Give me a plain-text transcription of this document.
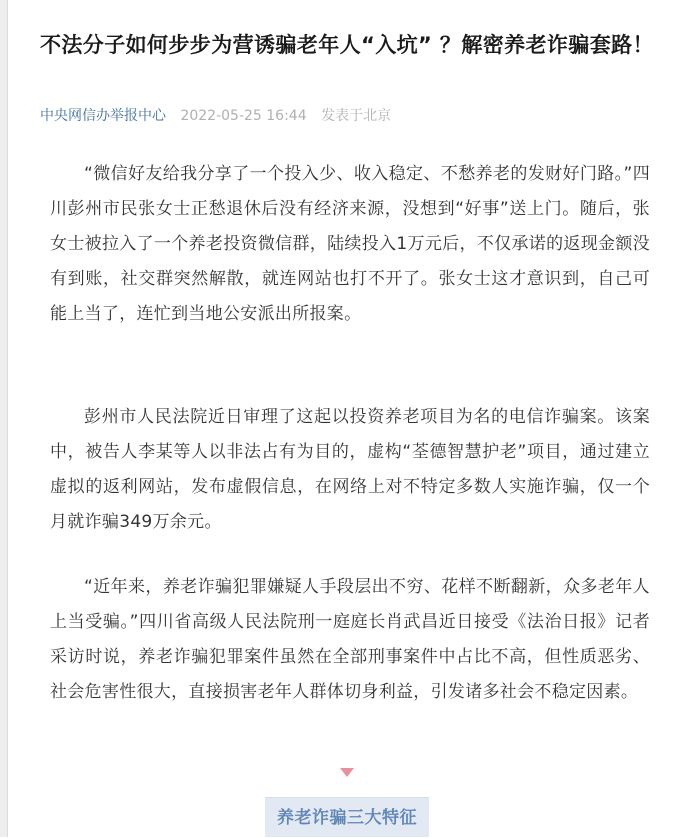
不法分子如何步步为营诱骗老年人“入坑” ？解密养老诈骗套路！
中央网信办举报中心 2022-05-25 16:44 发表于北京

“微信好友给我分享了一个投入少、收入稳定、不愁养老的发财好门路。”四川彭州市民张女士正愁退休后没有经济来源，没想到“好事”送上门。随后，张女士被拉入了一个养老投资微信群，陆续投入1万元后，不仅承诺的返现金额没有到账，社交群突然解散，就连网站也打不开了。张女士这才意识到，自己可能上当了，连忙到当地公安派出所报案。

彭州市人民法院近日审理了这起以投资养老项目为名的电信诈骗案。该案中，被告人李某等人以非法占有为目的，虚构“荃德智慧护老”项目，通过建立虚拟的返利网站，发布虚假信息，在网络上对不特定多数人实施诈骗，仅一个月就诈骗349万余元。

“近年来，养老诈骗犯罪嫌疑人手段层出不穷、花样不断翻新，众多老年人上当受骗。”四川省高级人民法院刑一庭庭长肖武昌近日接受《法治日报》记者采访时说，养老诈骗犯罪案件虽然在全部刑事案件中占比不高，但性质恶劣、社会危害性很大，直接损害老年人群体切身利益，引发诸多社会不稳定因素。

养老诈骗三大特征
